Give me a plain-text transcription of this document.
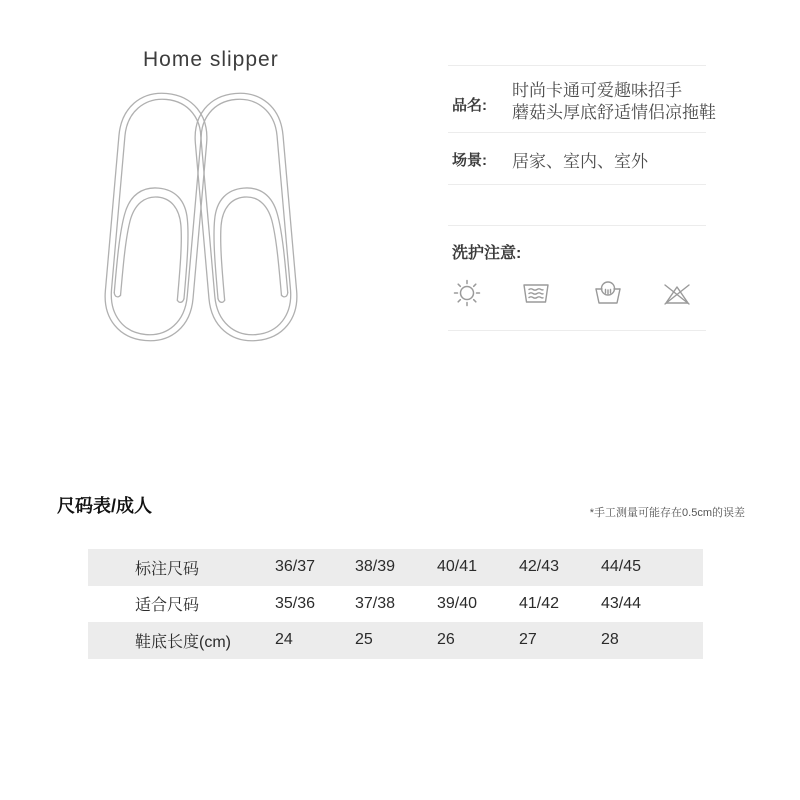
Home slipper
品名:
时尚卡通可爱趣味招手
蘑菇头厚底舒适情侣凉拖鞋
场景: 居家、室内、室外
洗护注意:
尺码表/成人	*手工测量可能存在0.5cm的误差
标注尺码	36/37	38/39	40/41	42/43	44/45
适合尺码	35/36	37/38	39/40	41/42	43/44
鞋底长度(cm)	24	25	26	27	28
